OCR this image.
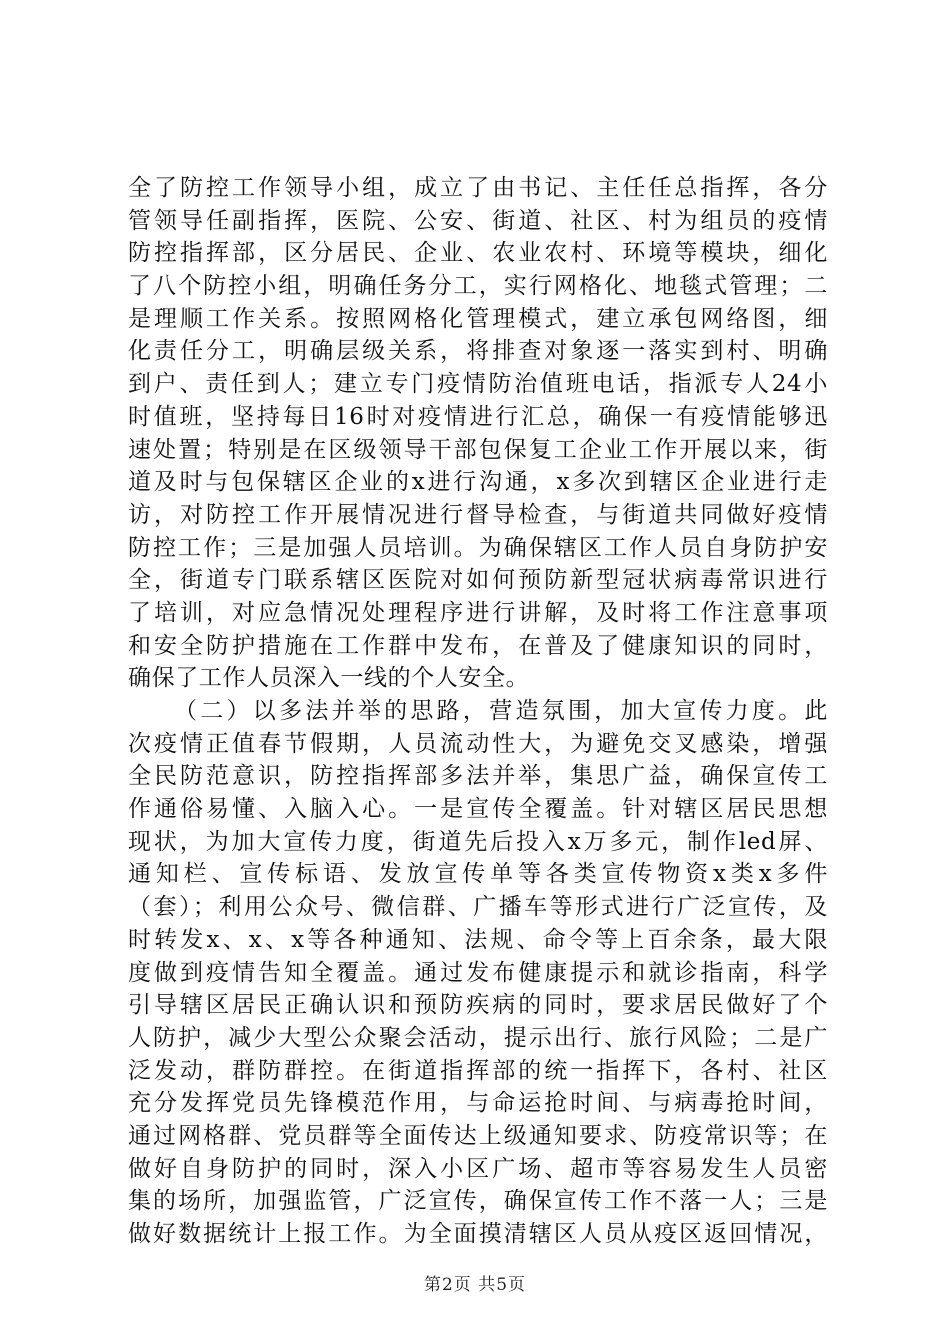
全了防控工作领导小组，成立了由书记、主任任总指挥，各分
管领导任副指挥，医院、公安、街道、社区、村为组员的疫情
防控指挥部，区分居民、企业、农业农村、环境等模块，细化
了八个防控小组，明确任务分工，实行网格化、地毯式管理；二
是理顺工作关系。按照网格化管理模式，建立承包网络图，细
化责任分工，明确层级关系，将排查对象逐一落实到村、明确
到户、责任到人；建立专门疫情防治值班电话，指派专人24小
时值班，坚持每日16时对疫情进行汇总，确保一有疫情能够迅
速处置；特别是在区级领导干部包保复工企业工作开展以来，街
道及时与包保辖区企业的x进行沟通，x多次到辖区企业进行走
访，对防控工作开展情况进行督导检查，与街道共同做好疫情
防控工作；三是加强人员培训。为确保辖区工作人员自身防护安
全，街道专门联系辖区医院对如何预防新型冠状病毒常识进行
了培训，对应急情况处理程序进行讲解，及时将工作注意事项
和安全防护措施在工作群中发布，在普及了健康知识的同时，
确保了工作人员深入一线的个人安全。
（二）以多法并举的思路，营造氛围，加大宣传力度。此
次疫情正值春节假期，人员流动性大，为避免交叉感染，增强
全民防范意识，防控指挥部多法并举，集思广益，确保宣传工
作通俗易懂、入脑入心。一是宣传全覆盖。针对辖区居民思想
现状，为加大宣传力度，街道先后投入x万多元，制作led屏、
通知栏、宣传标语、发放宣传单等各类宣传物资x类x多件
（套）；利用公众号、微信群、广播车等形式进行广泛宣传，及
时转发x、x、x等各种通知、法规、命令等上百余条，最大限
度做到疫情告知全覆盖。通过发布健康提示和就诊指南，科学
引导辖区居民正确认识和预防疾病的同时，要求居民做好了个
人防护，减少大型公众聚会活动，提示出行、旅行风险；二是广
泛发动，群防群控。在街道指挥部的统一指挥下，各村、社区
充分发挥党员先锋模范作用，与命运抢时间、与病毒抢时间，
通过网格群、党员群等全面传达上级通知要求、防疫常识等；在
做好自身防护的同时，深入小区广场、超市等容易发生人员密
集的场所，加强监管，广泛宣传，确保宣传工作不落一人；三是
做好数据统计上报工作。为全面摸清辖区人员从疫区返回情况，
第2页 共5页
